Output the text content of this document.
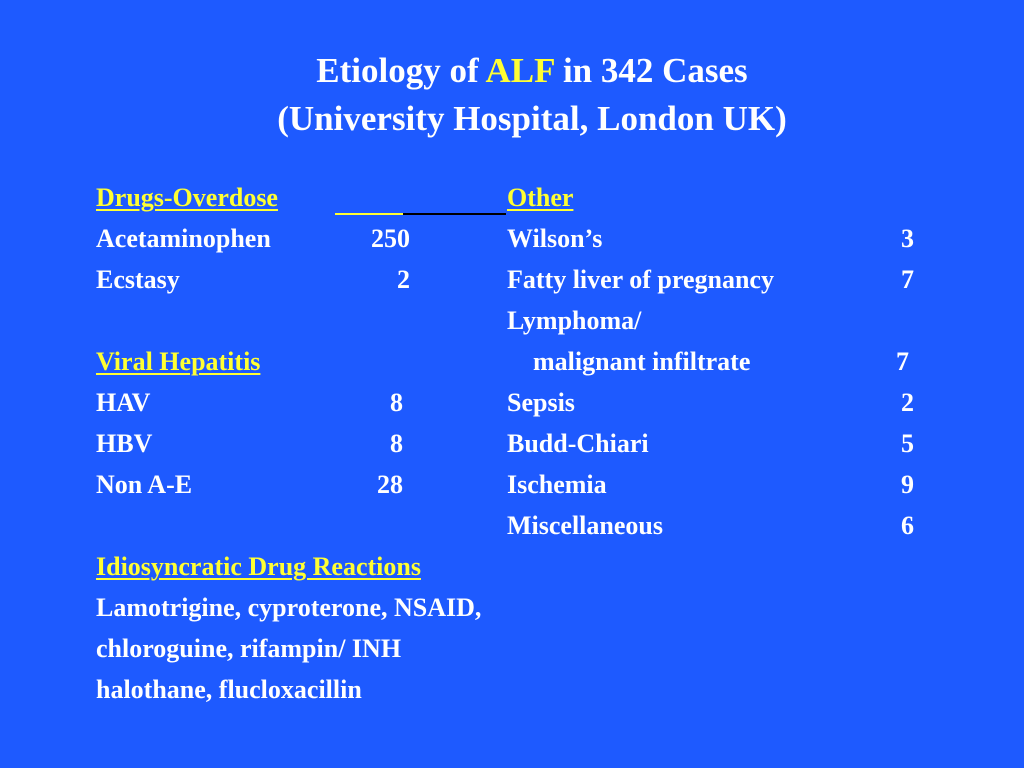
Etiology of ALF in 342 Cases
(University Hospital, London UK)
Drugs-Overdose
Acetaminophen	250
Ecstasy	2
Viral Hepatitis
HAV	8
HBV	8
Non A-E	28
Idiosyncratic Drug Reactions
Lamotrigine, cyproterone, NSAID,
chloroguine, rifampin/ INH
halothane, flucloxacillin
Other
Wilson’s	3
Fatty liver of pregnancy	7
Lymphoma/
malignant infiltrate	7
Sepsis	2
Budd-Chiari	5
Ischemia	9
Miscellaneous	6
